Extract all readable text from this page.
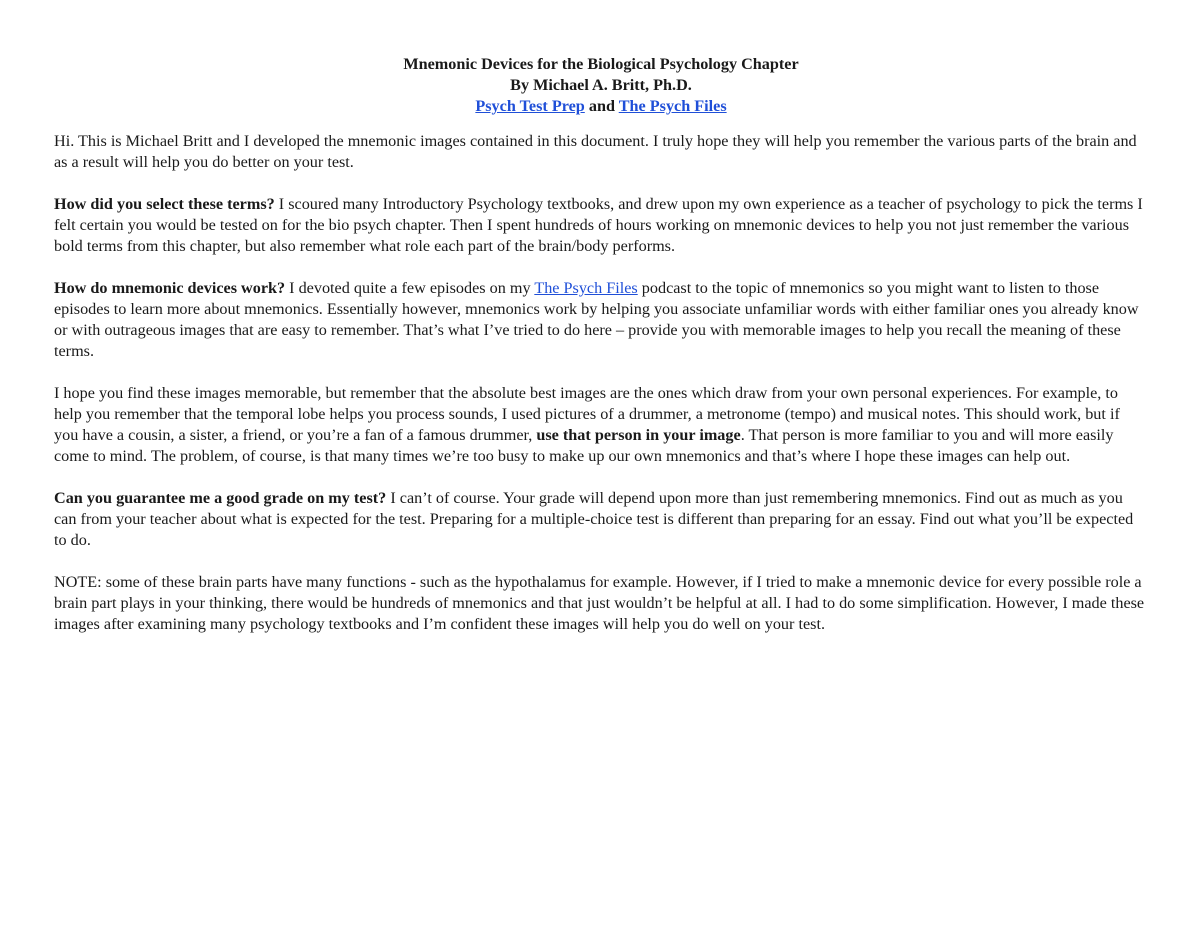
Mnemonic Devices for the Biological Psychology Chapter
By Michael A. Britt, Ph.D.
Psych Test Prep and The Psych Files

Hi. This is Michael Britt and I developed the mnemonic images contained in this document. I truly hope they will help you remember the various parts of the brain and as a result will help you do better on your test.

How did you select these terms? I scoured many Introductory Psychology textbooks, and drew upon my own experience as a teacher of psychology to pick the terms I felt certain you would be tested on for the bio psych chapter. Then I spent hundreds of hours working on mnemonic devices to help you not just remember the various bold terms from this chapter, but also remember what role each part of the brain/body performs.

How do mnemonic devices work? I devoted quite a few episodes on my The Psych Files podcast to the topic of mnemonics so you might want to listen to those episodes to learn more about mnemonics. Essentially however, mnemonics work by helping you associate unfamiliar words with either familiar ones you already know or with outrageous images that are easy to remember. That’s what I’ve tried to do here – provide you with memorable images to help you recall the meaning of these terms.

I hope you find these images memorable, but remember that the absolute best images are the ones which draw from your own personal experiences. For example, to help you remember that the temporal lobe helps you process sounds, I used pictures of a drummer, a metronome (tempo) and musical notes. This should work, but if you have a cousin, a sister, a friend, or you’re a fan of a famous drummer, use that person in your image. That person is more familiar to you and will more easily come to mind. The problem, of course, is that many times we’re too busy to make up our own mnemonics and that’s where I hope these images can help out.

Can you guarantee me a good grade on my test? I can’t of course. Your grade will depend upon more than just remembering mnemonics. Find out as much as you can from your teacher about what is expected for the test. Preparing for a multiple-choice test is different than preparing for an essay. Find out what you’ll be expected to do.

NOTE: some of these brain parts have many functions - such as the hypothalamus for example. However, if I tried to make a mnemonic device for every possible role a brain part plays in your thinking, there would be hundreds of mnemonics and that just wouldn’t be helpful at all. I had to do some simplification. However, I made these images after examining many psychology textbooks and I’m confident these images will help you do well on your test.
